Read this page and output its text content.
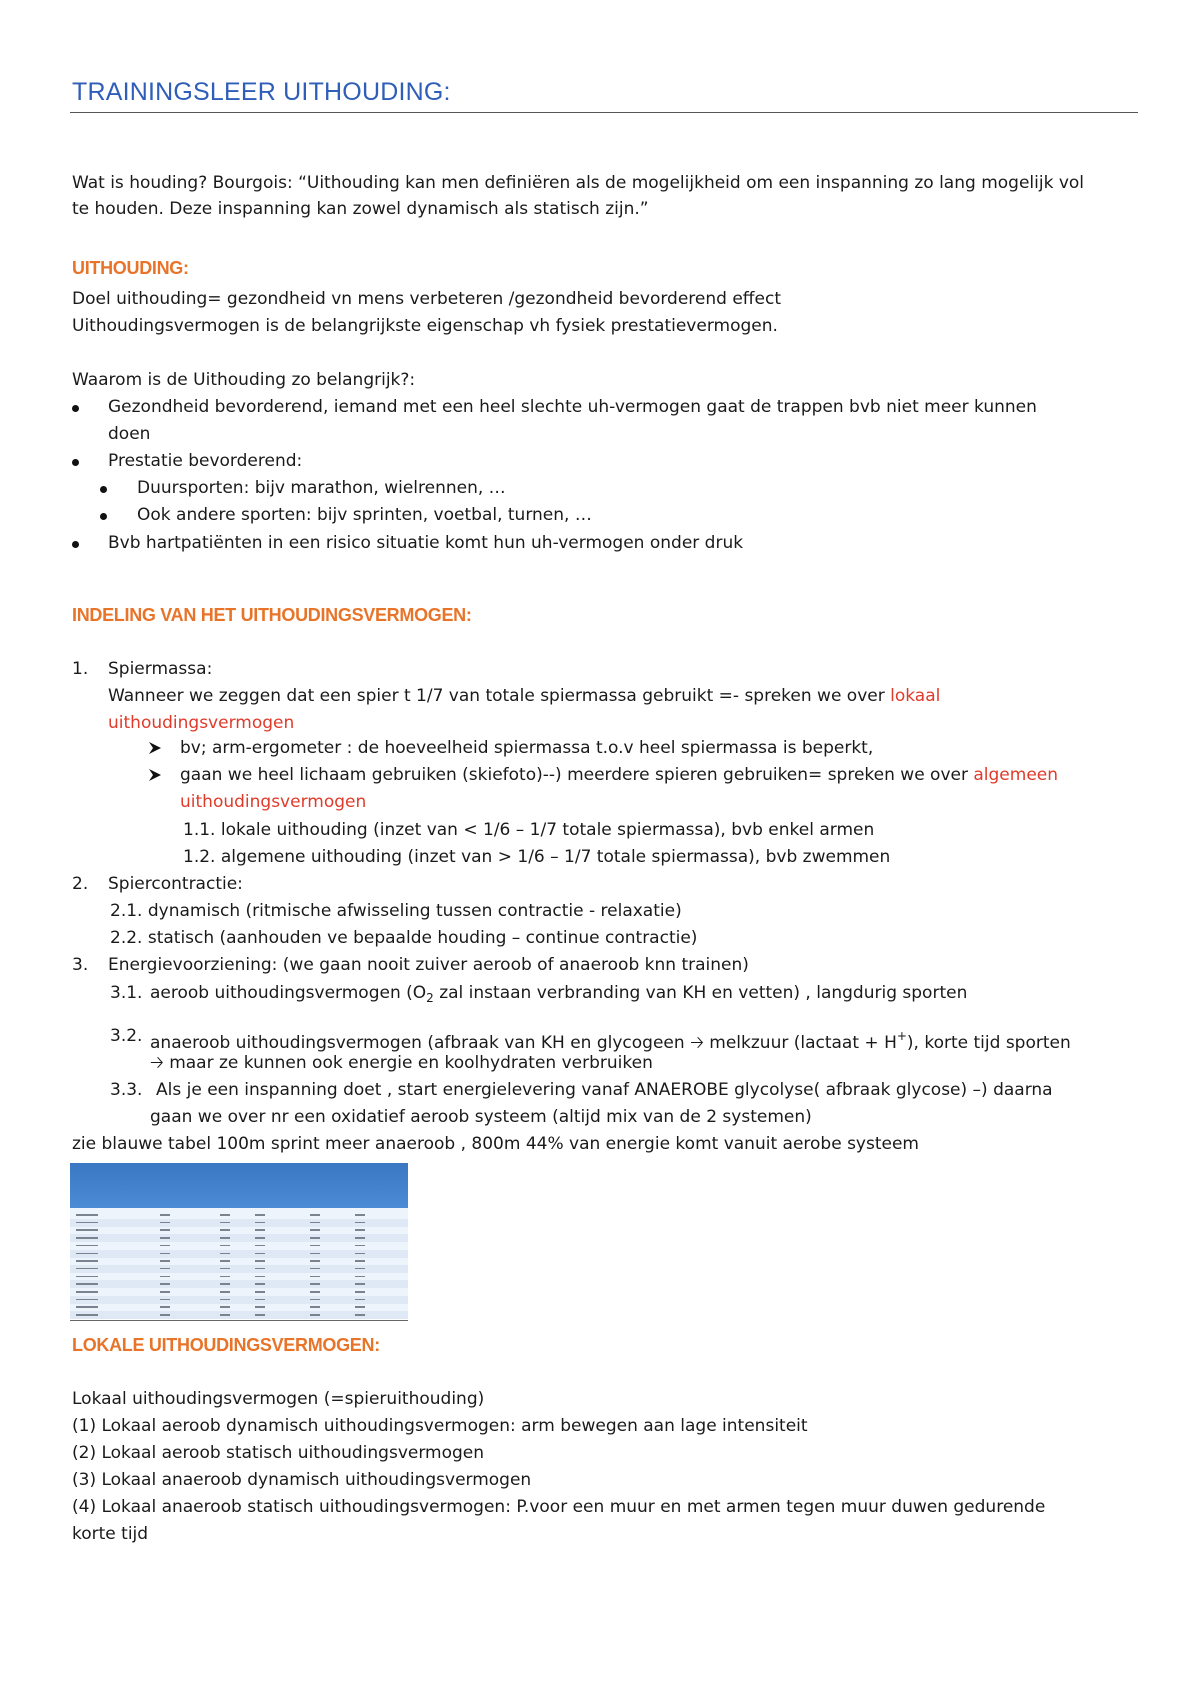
TRAININGSLEER UITHOUDING:
Wat is houding? Bourgois: “Uithouding kan men definiëren als de mogelijkheid om een inspanning zo lang mogelijk vol
te houden. Deze inspanning kan zowel dynamisch als statisch zijn.”
UITHOUDING:
Doel uithouding= gezondheid vn mens verbeteren /gezondheid bevorderend effect
Uithoudingsvermogen is de belangrijkste eigenschap vh fysiek prestatievermogen.
Waarom is de Uithouding zo belangrijk?:
Gezondheid bevorderend, iemand met een heel slechte uh-vermogen gaat de trappen bvb niet meer kunnen
doen
Prestatie bevorderend:
Duursporten: bijv marathon, wielrennen, …
Ook andere sporten: bijv sprinten, voetbal, turnen, …
Bvb hartpatiënten in een risico situatie komt hun uh-vermogen onder druk
INDELING VAN HET UITHOUDINGSVERMOGEN:
1. Spiermassa:
Wanneer we zeggen dat een spier t 1/7 van totale spiermassa gebruikt =- spreken we over lokaal
uithoudingsvermogen
bv; arm-ergometer : de hoeveelheid spiermassa t.o.v heel spiermassa is beperkt,
gaan we heel lichaam gebruiken (skiefoto)--) meerdere spieren gebruiken= spreken we over algemeen
uithoudingsvermogen
1.1. lokale uithouding (inzet van < 1/6 – 1/7 totale spiermassa), bvb enkel armen
1.2. algemene uithouding (inzet van > 1/6 – 1/7 totale spiermassa), bvb zwemmen
2. Spiercontractie:
2.1. dynamisch (ritmische afwisseling tussen contractie - relaxatie)
2.2. statisch (aanhouden ve bepaalde houding – continue contractie)
3. Energievoorziening: (we gaan nooit zuiver aeroob of anaeroob knn trainen)
3.1. aeroob uithoudingsvermogen ($O_2$ zal instaan verbranding van KH en vetten) , langdurig sporten
3.2. anaeroob uithoudingsvermogen (afbraak van KH en glycogeen 🡢 melkzuur (lactaat + H+), korte tijd sporten
🡢 maar ze kunnen ook energie en koolhydraten verbruiken
3.3. Als je een inspanning doet , start energielevering vanaf ANAEROBE glycolyse( afbraak glycose) –) daarna
gaan we over nr een oxidatief aeroob systeem (altijd mix van de 2 systemen)
zie blauwe tabel 100m sprint meer anaeroob , 800m 44% van energie komt vanuit aerobe systeem
LOKALE UITHOUDINGSVERMOGEN:
Lokaal uithoudingsvermogen (=spieruithouding)
(1) Lokaal aeroob dynamisch uithoudingsvermogen: arm bewegen aan lage intensiteit
(2) Lokaal aeroob statisch uithoudingsvermogen
(3) Lokaal anaeroob dynamisch uithoudingsvermogen
(4) Lokaal anaeroob statisch uithoudingsvermogen: P.voor een muur en met armen tegen muur duwen gedurende
korte tijd
